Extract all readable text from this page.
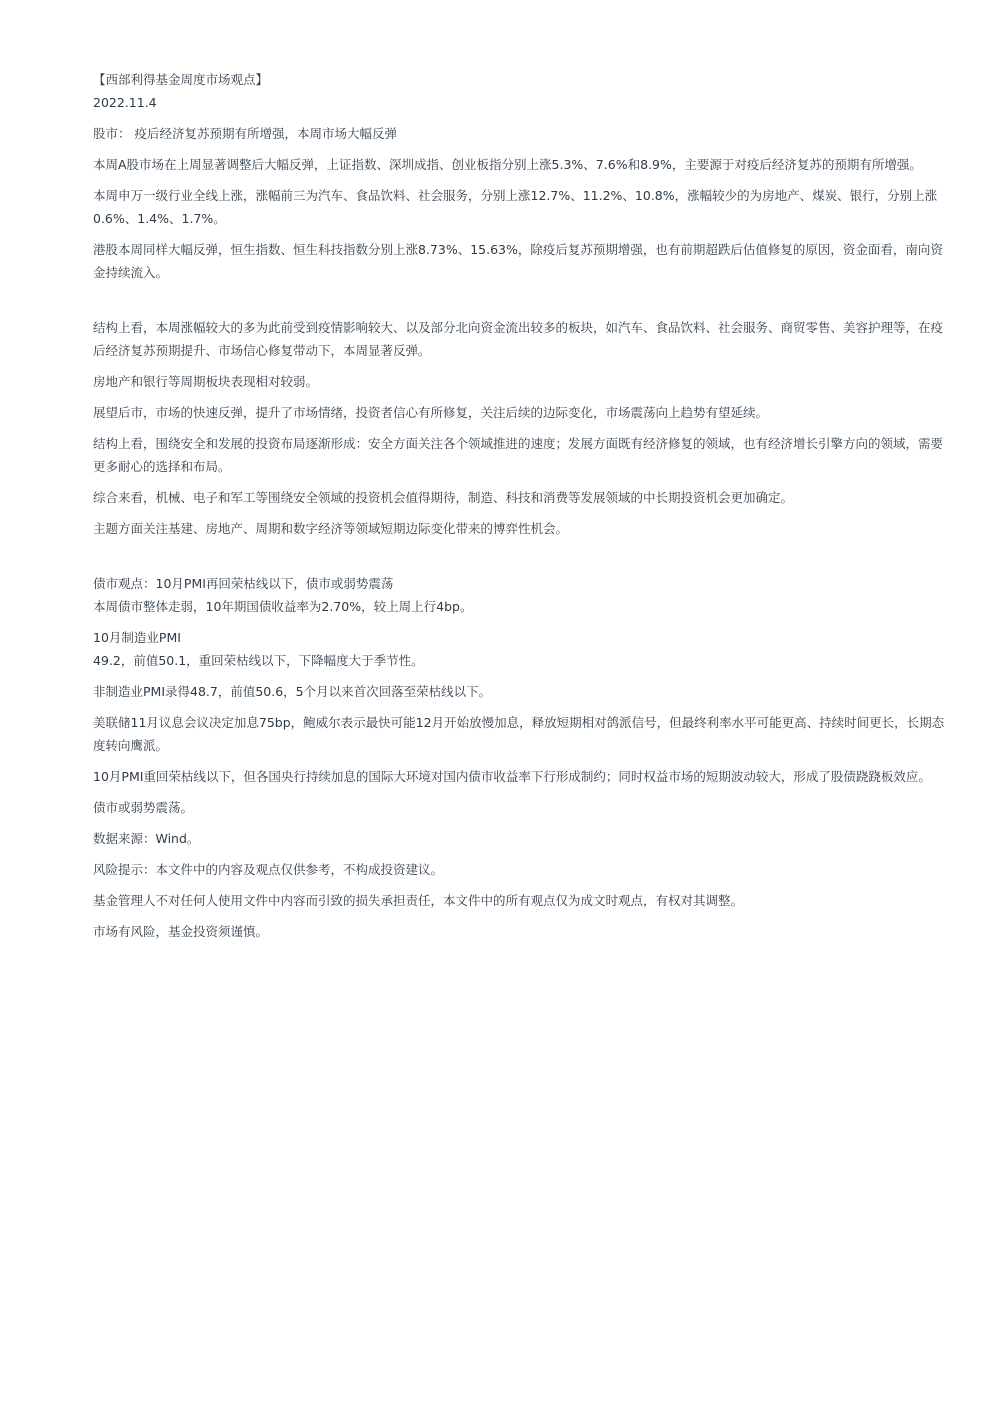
【西部利得基金周度市场观点】

2022.11.4

股市： 疫后经济复苏预期有所增强，本周市场大幅反弹

本周A股市场在上周显著调整后大幅反弹，上证指数、深圳成指、创业板指分别上涨5.3%、7.6%和8.9%，主要源于对疫后经济复苏的预期有所增强。

本周申万一级行业全线上涨，涨幅前三为汽车、食品饮料、社会服务，分别上涨12.7%、11.2%、10.8%，涨幅较少的为房地产、煤炭、银行，分别上涨0.6%、1.4%、1.7%。

港股本周同样大幅反弹，恒生指数、恒生科技指数分别上涨8.73%、15.63%，除疫后复苏预期增强，也有前期超跌后估值修复的原因，资金面看，南向资金持续流入。

结构上看，本周涨幅较大的多为此前受到疫情影响较大、以及部分北向资金流出较多的板块，如汽车、食品饮料、社会服务、商贸零售、美容护理等，在疫后经济复苏预期提升、市场信心修复带动下，本周显著反弹。

房地产和银行等周期板块表现相对较弱。

展望后市，市场的快速反弹，提升了市场情绪，投资者信心有所修复，关注后续的边际变化，市场震荡向上趋势有望延续。

结构上看，围绕安全和发展的投资布局逐渐形成：安全方面关注各个领域推进的速度；发展方面既有经济修复的领域，也有经济增长引擎方向的领域，需要更多耐心的选择和布局。

综合来看，机械、电子和军工等围绕安全领域的投资机会值得期待，制造、科技和消费等发展领域的中长期投资机会更加确定。

主题方面关注基建、房地产、周期和数字经济等领域短期边际变化带来的博弈性机会。

债市观点：10月PMI再回荣枯线以下，债市或弱势震荡

本周债市整体走弱，10年期国债收益率为2.70%，较上周上行4bp。

10月制造业PMI

49.2，前值50.1，重回荣枯线以下，下降幅度大于季节性。

非制造业PMI录得48.7，前值50.6，5个月以来首次回落至荣枯线以下。

美联储11月议息会议决定加息75bp，鲍威尔表示最快可能12月开始放慢加息，释放短期相对鸽派信号，但最终利率水平可能更高、持续时间更长，长期态度转向鹰派。

10月PMI重回荣枯线以下，但各国央行持续加息的国际大环境对国内债市收益率下行形成制约；同时权益市场的短期波动较大，形成了股债跷跷板效应。

债市或弱势震荡。

数据来源：Wind。

风险提示：本文件中的内容及观点仅供参考，不构成投资建议。

基金管理人不对任何人使用文件中内容而引致的损失承担责任，本文件中的所有观点仅为成文时观点，有权对其调整。

市场有风险，基金投资须谨慎。
